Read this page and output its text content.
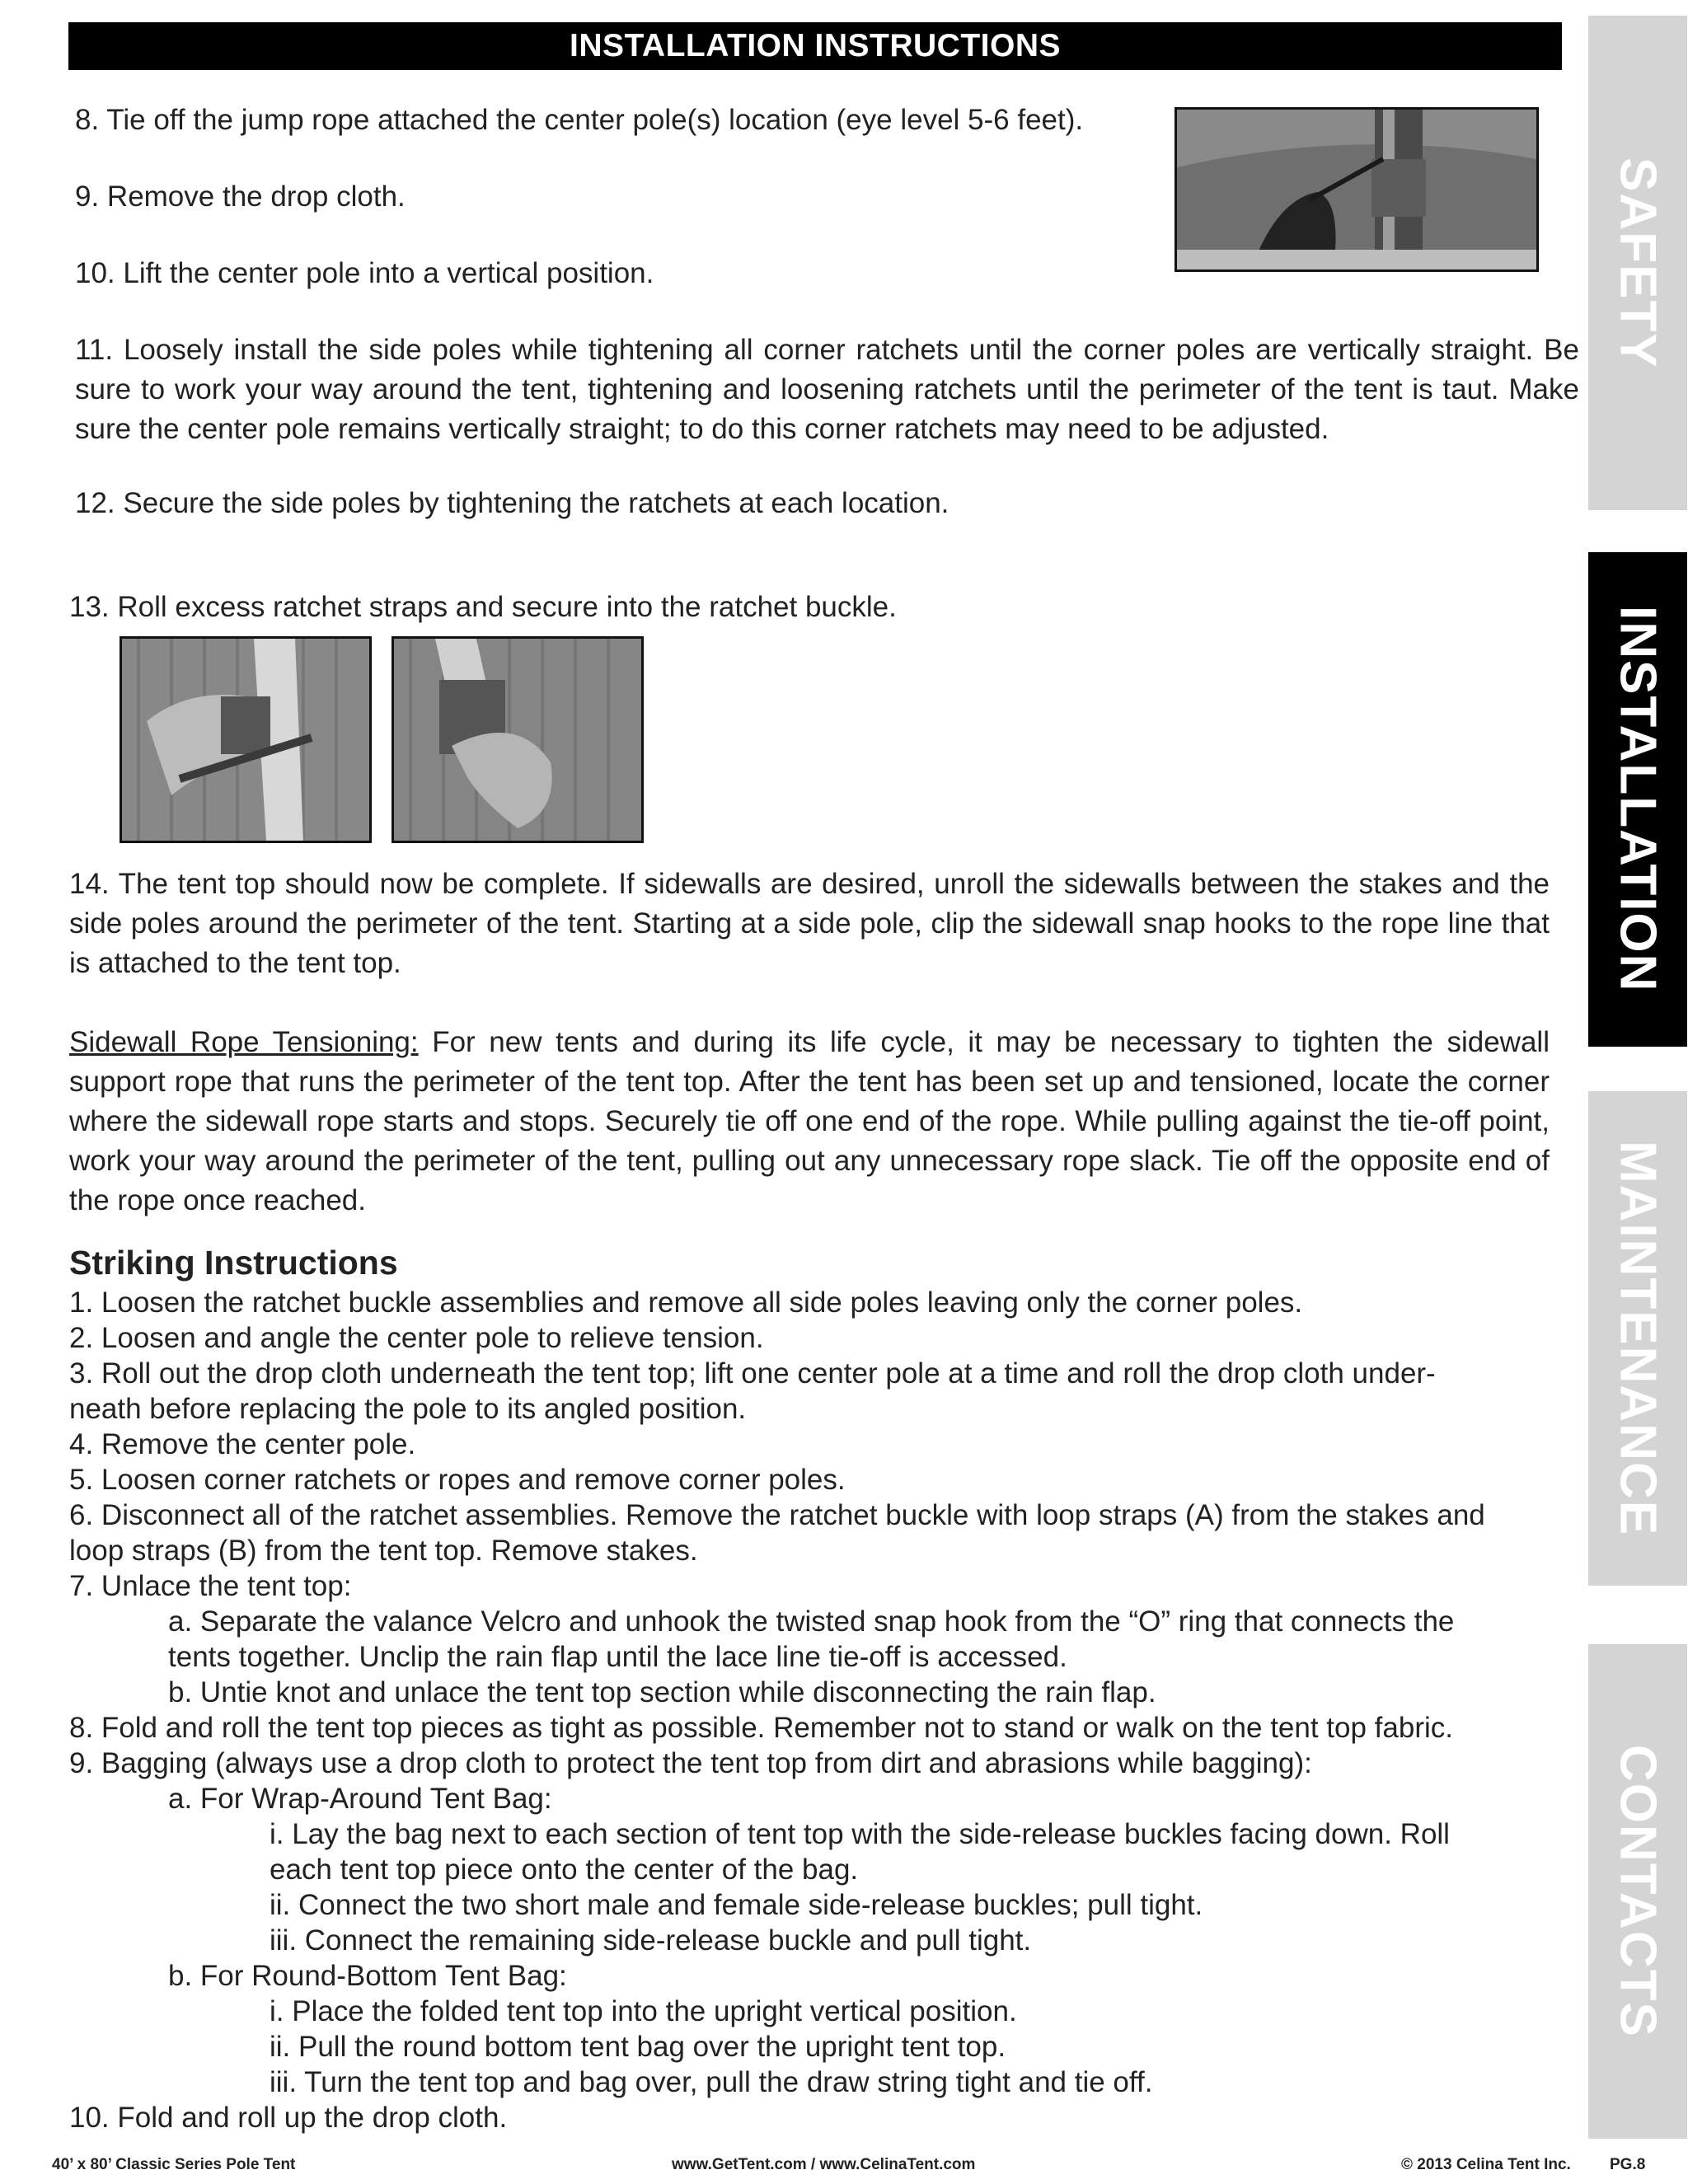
INSTALLATION INSTRUCTIONS

8. Tie off the jump rope attached the center pole(s) location (eye level 5-6 feet).

9. Remove the drop cloth.

10. Lift the center pole into a vertical position.

11. Loosely install the side poles while tightening all corner ratchets until the corner poles are vertically straight. Be sure to work your way around the tent, tightening and loosening ratchets until the perimeter of the tent is taut. Make sure the center pole remains vertically straight; to do this corner ratchets may need to be adjusted.

12. Secure the side poles by tightening the ratchets at each location.

13. Roll excess ratchet straps and secure into the ratchet buckle.

14. The tent top should now be complete. If sidewalls are desired, unroll the sidewalls between the stakes and the side poles around the perimeter of the tent. Starting at a side pole, clip the sidewall snap hooks to the rope line that is attached to the tent top.

Sidewall Rope Tensioning: For new tents and during its life cycle, it may be necessary to tighten the sidewall support rope that runs the perimeter of the tent top. After the tent has been set up and tensioned, locate the corner where the sidewall rope starts and stops. Securely tie off one end of the rope. While pulling against the tie-off point, work your way around the perimeter of the tent, pulling out any unnecessary rope slack. Tie off the opposite end of the rope once reached.

Striking Instructions

1. Loosen the ratchet buckle assemblies and remove all side poles leaving only the corner poles.

2. Loosen and angle the center pole to relieve tension.

3. Roll out the drop cloth underneath the tent top; lift one center pole at a time and roll the drop cloth under-

neath before replacing the pole to its angled position.

4. Remove the center pole.

5. Loosen corner ratchets or ropes and remove corner poles.

6. Disconnect all of the ratchet assemblies. Remove the ratchet buckle with loop straps (A) from the stakes and

loop straps (B) from the tent top. Remove stakes.

7. Unlace the tent top:

a. Separate the valance Velcro and unhook the twisted snap hook from the “O” ring that connects the

tents together. Unclip the rain flap until the lace line tie-off is accessed.

b. Untie knot and unlace the tent top section while disconnecting the rain flap.

8. Fold and roll the tent top pieces as tight as possible. Remember not to stand or walk on the tent top fabric.

9. Bagging (always use a drop cloth to protect the tent top from dirt and abrasions while bagging):

a. For Wrap-Around Tent Bag:

i. Lay the bag next to each section of tent top with the side-release buckles facing down. Roll

each tent top piece onto the center of the bag.

ii. Connect the two short male and female side-release buckles; pull tight.

iii. Connect the remaining side-release buckle and pull tight.

b. For Round-Bottom Tent Bag:

i. Place the folded tent top into the upright vertical position.

ii. Pull the round bottom tent bag over the upright tent top.

iii. Turn the tent top and bag over, pull the draw string tight and tie off.

10. Fold and roll up the drop cloth.

SAFETY
INSTALLATION
MAINTENANCE
CONTACTS
40’ x 80’ Classic Series Pole Tent	www.GetTent.com / www.CelinaTent.com	© 2013 Celina Tent Inc. PG.8
